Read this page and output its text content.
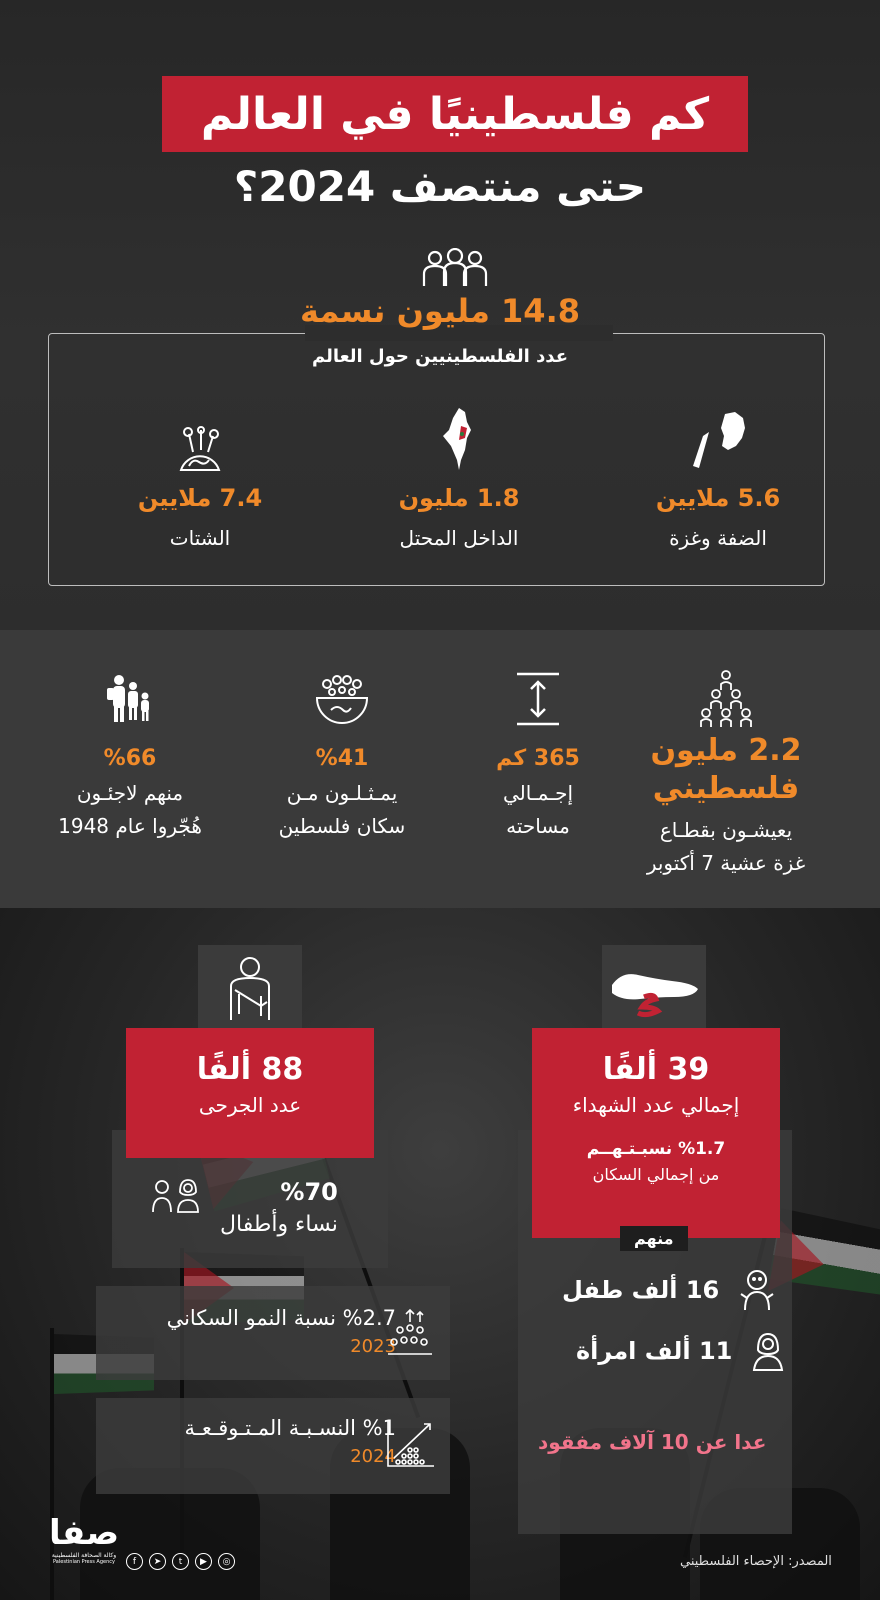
كم فلسطينيًا في العالم
حتى منتصف 2024؟
14.8 مليون نسمة
عدد الفلسطينيين حول العالم
5.6 ملايين
الضفة وغزة
1.8 مليون
الداخل المحتل
7.4 ملايين
الشتات
2.2 مليون
فلسطيني
يعيشـون بقطـاع
غزة عشية 7 أكتوبر
365 كم
إجـمـالي
مساحته
%41
يمـثـلـون مـن
سكان فلسطين
%66
منهم لاجئـون
هُجّروا عام 1948
39 ألفًا
إجمالي عدد الشهداء
%1.7 نسبـتـهــم
من إجمالي السكان
منهم
16 ألف طفل
11 ألف امرأة
عدا عن 10 آلاف مفقود
88 ألفًا
عدد الجرحى
%70
نساء وأطفال
%2.7 نسبة النمو السكاني
2023
%1 النسـبـة المـتـوقـعـة
2024
المصدر: الإحصاء الفلسطيني
صفا
وكالة الصحافة الفلسطينية
Palestinian Press Agency	f	➤	t	▶	◎
